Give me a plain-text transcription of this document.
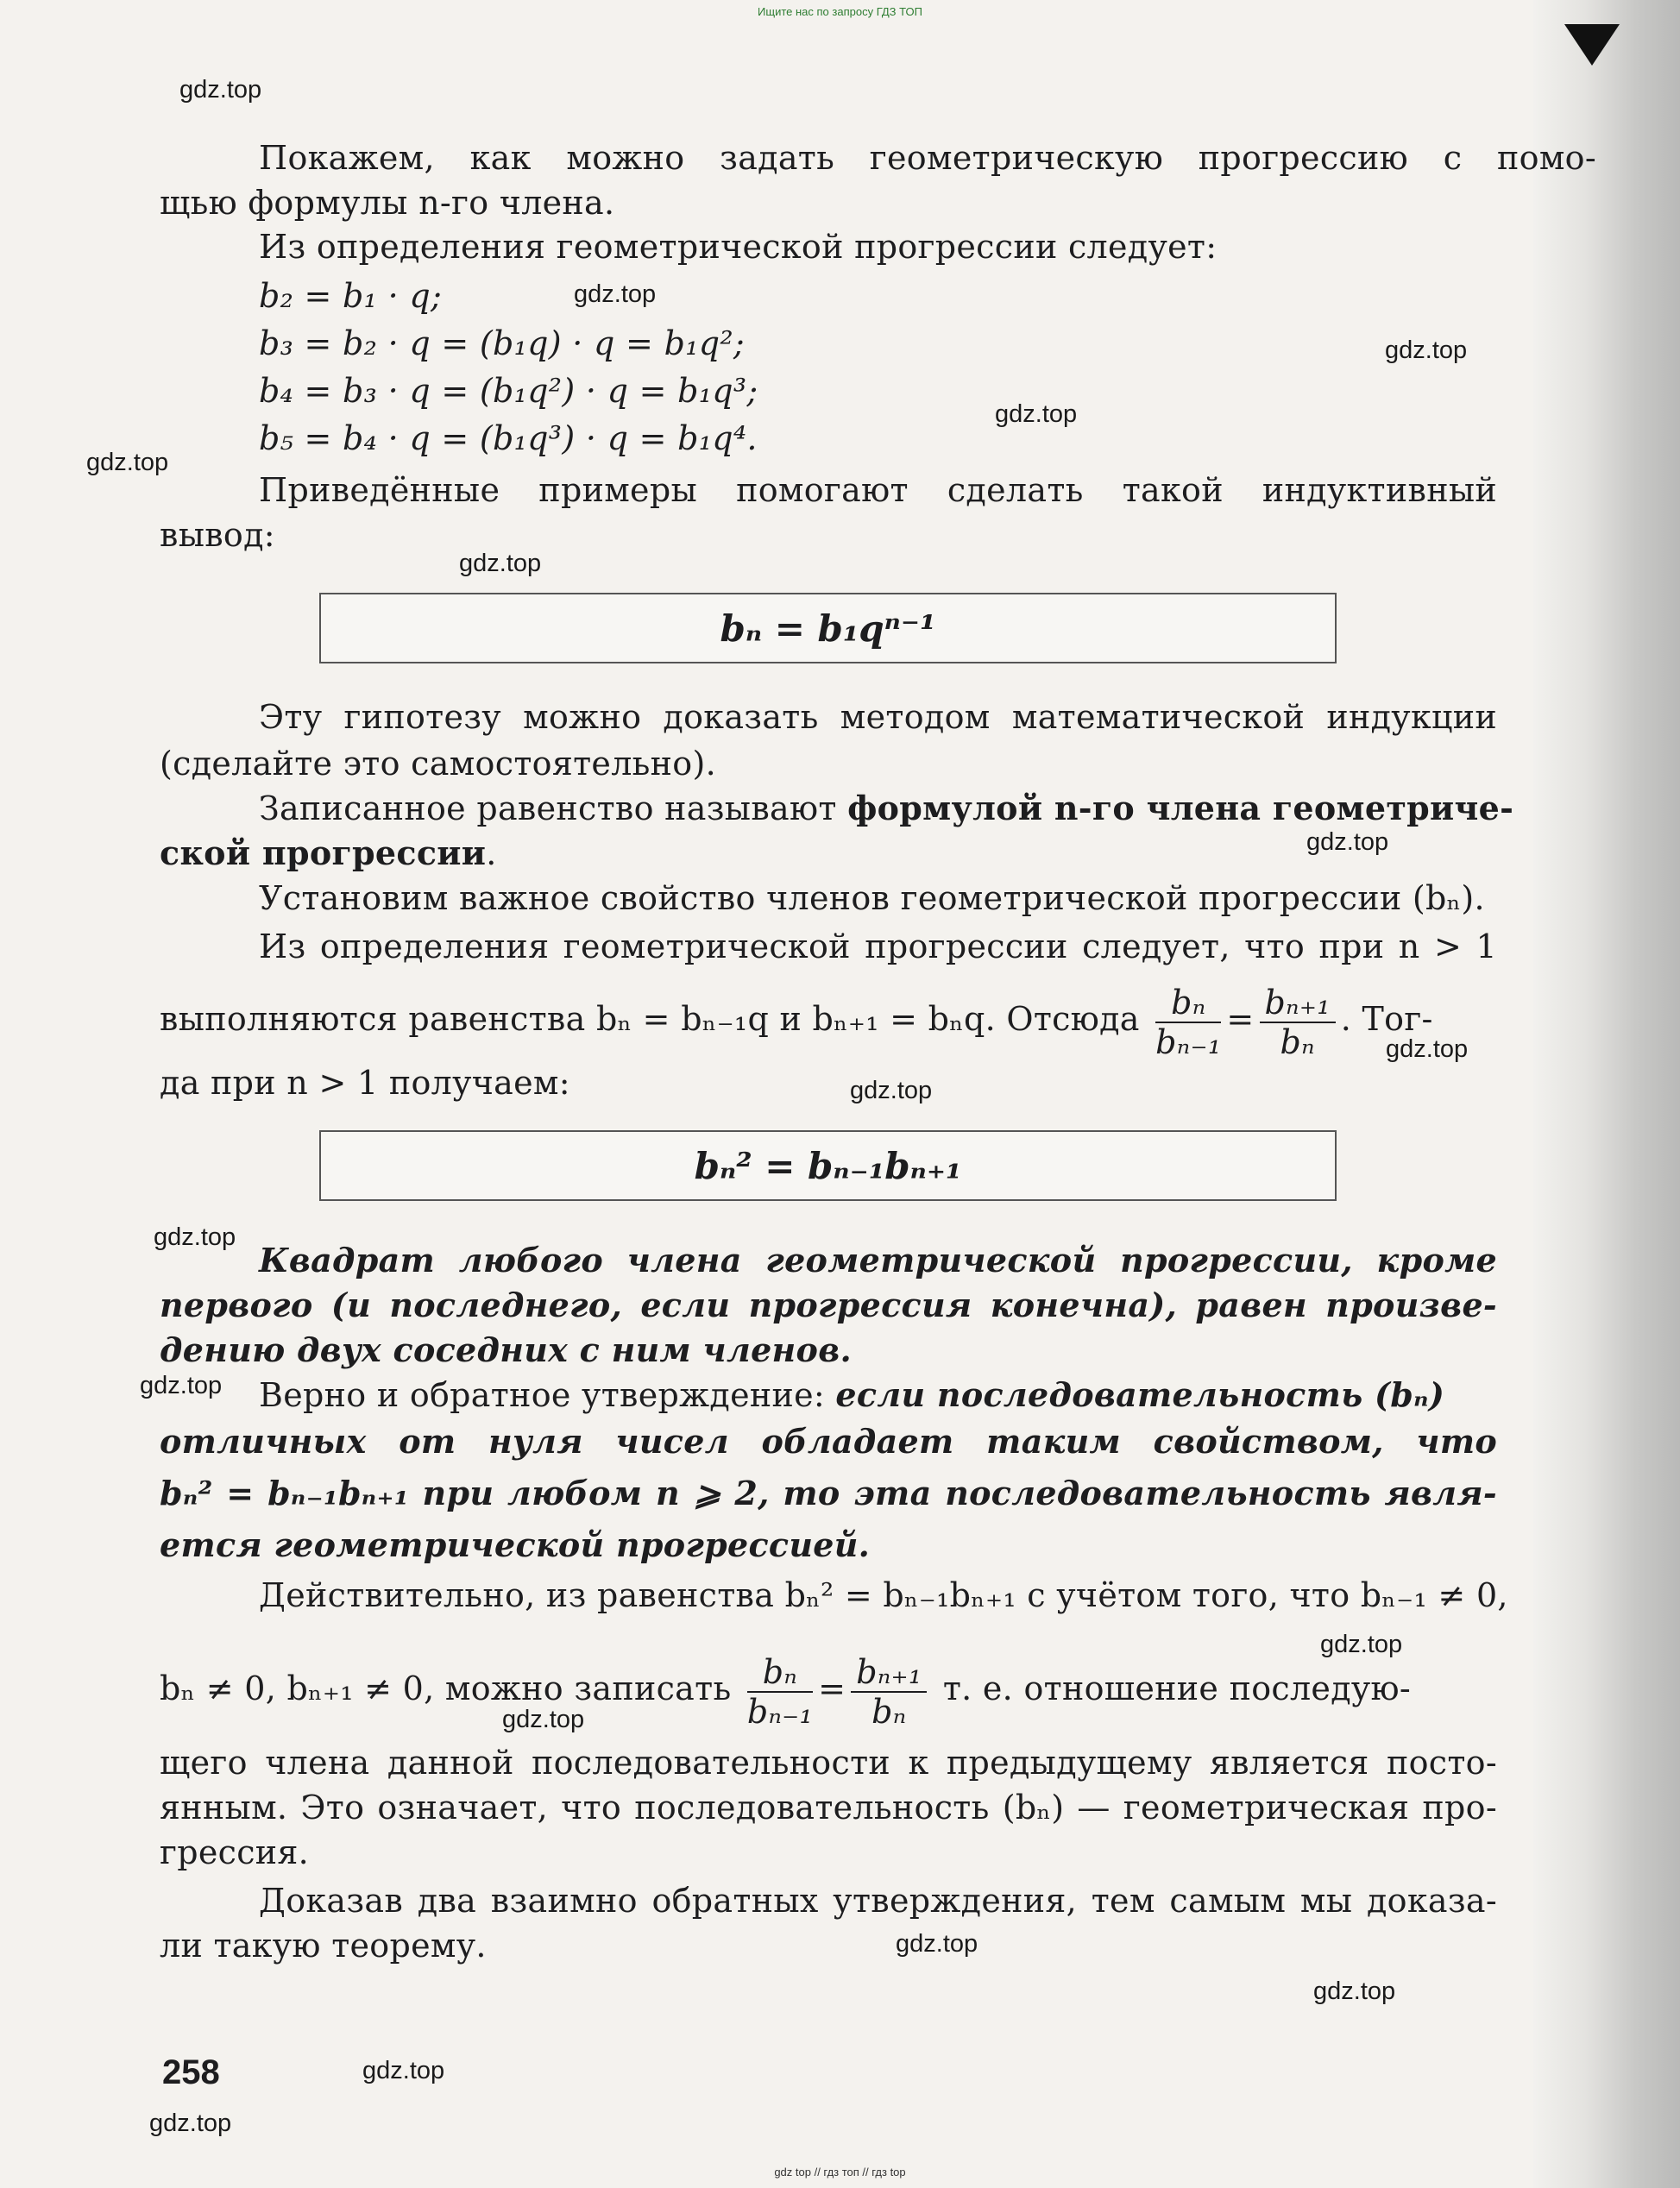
Ищите нас по запросу ГДЗ ТОП
gdz.top
gdz.top
gdz.top
gdz.top
gdz.top
gdz.top
gdz.top
gdz.top
gdz.top
gdz.top
gdz.top
gdz.top
gdz.top
gdz.top
gdz.top
gdz.top
gdz.top
Покажем, как можно задать геометрическую прогрессию с помо-
щью формулы n-го члена.
Из определения геометрической прогрессии следует:
b₂ = b₁ · q;
b₃ = b₂ · q = (b₁q) · q = b₁q²;
b₄ = b₃ · q = (b₁q²) · q = b₁q³;
b₅ = b₄ · q = (b₁q³) · q = b₁q⁴.
Приведённые примеры помогают сделать такой индуктивный
вывод:
bₙ = b₁qⁿ⁻¹
Эту гипотезу можно доказать методом математической индукции
(сделайте это самостоятельно).
Записанное равенство называют формулой n-го члена геометриче-
ской прогрессии.
Установим важное свойство членов геометрической прогрессии (bₙ).
Из определения геометрической прогрессии следует, что при n > 1
выполняются равенства bₙ = bₙ₋₁q и bₙ₊₁ = bₙq. Отсюда $\frac{\text{bₙ}}{\text{bₙ₋₁}} = \frac{\text{bₙ₊₁}}{\text{bₙ}}$ . Тог-
да при n > 1 получаем:
bₙ² = bₙ₋₁bₙ₊₁
Квадрат любого члена геометрической прогрессии, кроме
первого (и последнего, если прогрессия конечна), равен произве-
дению двух соседних с ним членов.
Верно и обратное утверждение: если последовательность (bₙ)
отличных от нуля чисел обладает таким свойством, что
bₙ² = bₙ₋₁bₙ₊₁ при любом n ⩾ 2, то эта последовательность явля-
ется геометрической прогрессией.
Действительно, из равенства bₙ² = bₙ₋₁bₙ₊₁ с учётом того, что bₙ₋₁ ≠ 0,
bₙ ≠ 0, bₙ₊₁ ≠ 0, можно записать $\frac{\text{bₙ}}{\text{bₙ₋₁}} = \frac{\text{bₙ₊₁}}{\text{bₙ}} т$. е. отношение последую-
щего члена данной последовательности к предыдущему является посто-
янным. Это означает, что последовательность (bₙ) — геометрическая про-
грессия.
Доказав два взаимно обратных утверждения, тем самым мы доказа-
ли такую теорему.
258
gdz top // гдз топ // гдз top
